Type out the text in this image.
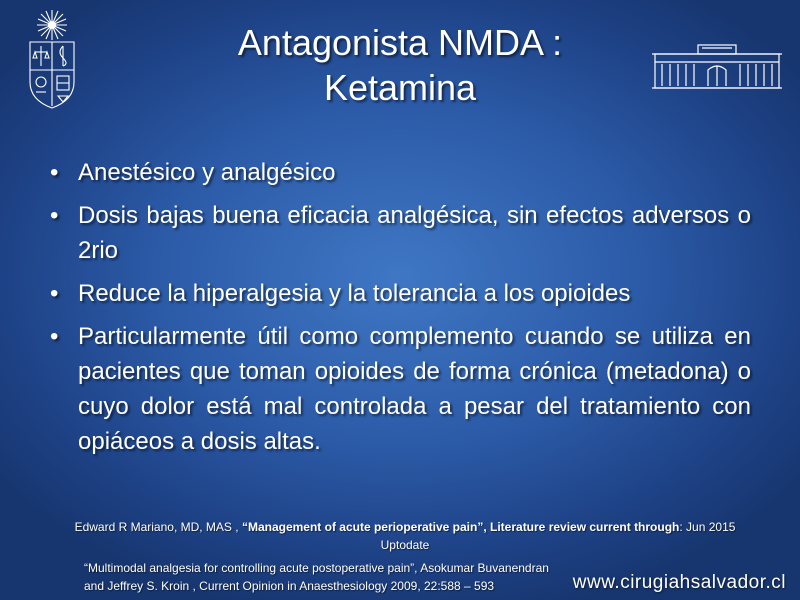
Antagonista NMDA :
Ketamina
• Anestésico y analgésico
• Dosis bajas buena eficacia analgésica, sin efectos adversos o 2rio
• Reduce la hiperalgesia y la tolerancia a los opioides
• Particularmente útil como complemento cuando se utiliza en pacientes que toman opioides de forma crónica (metadona) o cuyo dolor está mal controlada a pesar del tratamiento con opiáceos a dosis altas.
Edward R Mariano, MD, MAS , “Management of acute perioperative pain”, Literature review current through: Jun 2015 Uptodate
“Multimodal analgesia for controlling acute postoperative pain”, Asokumar Buvanendran and Jeffrey S. Kroin , Current Opinion in Anaesthesiology 2009, 22:588 – 593	www.cirugiahsalvador.cl
